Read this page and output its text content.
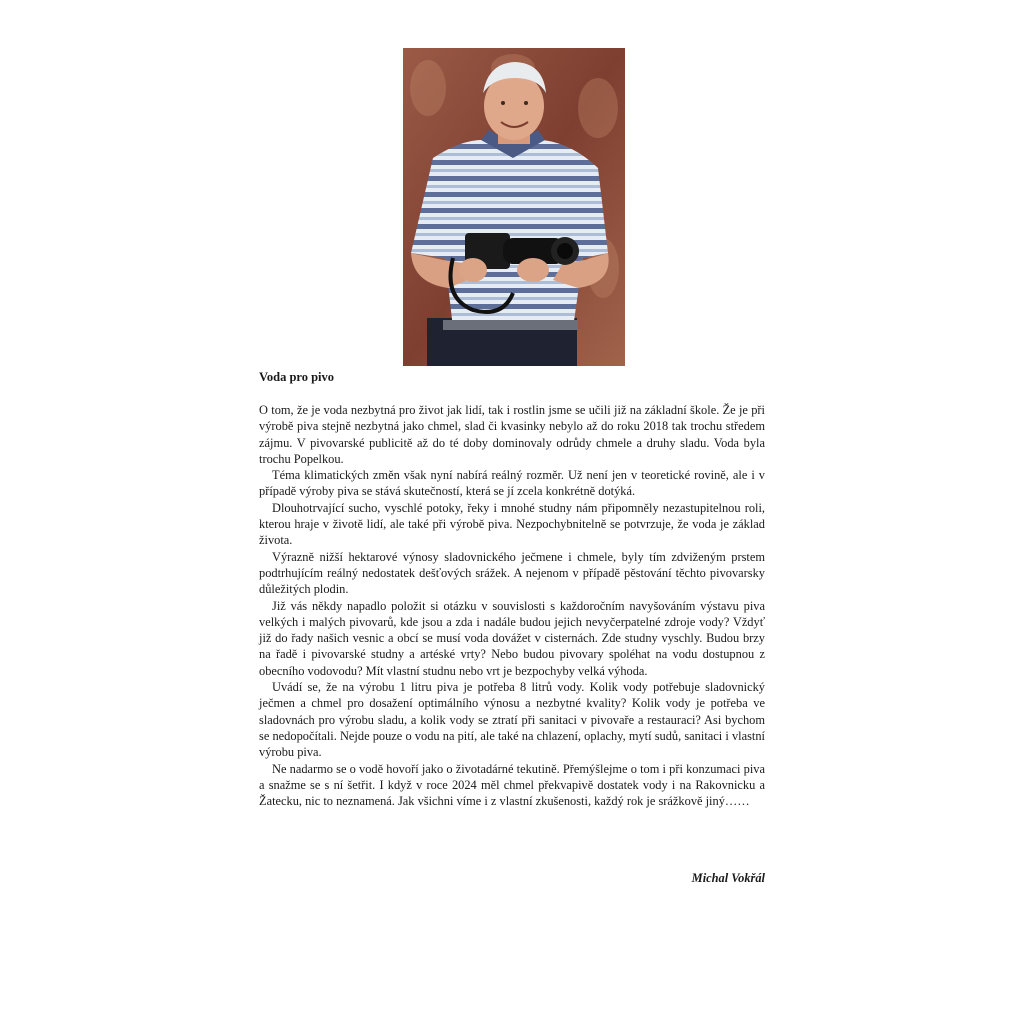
Voda pro pivo

O tom, že je voda nezbytná pro život jak lidí, tak i rostlin jsme se učili již na základní škole. Že je při výrobě piva stejně nezbytná jako chmel, slad či kvasinky nebylo až do roku 2018 tak trochu středem zájmu. V pivovarské publicitě až do té doby dominovaly odrůdy chmele a druhy sladu. Voda byla trochu Popelkou.

Téma klimatických změn však nyní nabírá reálný rozměr. Už není jen v teoretické rovině, ale i v případě výroby piva se stává skutečností, která se jí zcela konkrétně dotýká.

Dlouhotrvající sucho, vyschlé potoky, řeky i mnohé studny nám připomněly nezastupitelnou roli, kterou hraje v životě lidí, ale také při výrobě piva. Nezpochybnitelně se potvrzuje, že voda je základ života.

Výrazně nižší hektarové výnosy sladovnického ječmene i chmele, byly tím zdviženým prstem podtrhujícím reálný nedostatek dešťových srážek. A nejenom v případě pěstování těchto pivovarsky důležitých plodin.

Již vás někdy napadlo položit si otázku v souvislosti s každoročním navyšováním výstavu piva velkých i malých pivovarů, kde jsou a zda i nadále budou jejich nevyčerpatelné zdroje vody? Vždyť již do řady našich vesnic a obcí se musí voda dovážet v cisternách. Zde studny vyschly. Budou brzy na řadě i pivovarské studny a artéské vrty? Nebo budou pivovary spoléhat na vodu dostupnou z obecního vodovodu? Mít vlastní studnu nebo vrt je bezpochyby velká výhoda.

Uvádí se, že na výrobu 1 litru piva je potřeba 8 litrů vody. Kolik vody potřebuje sladovnický ječmen a chmel pro dosažení optimálního výnosu a nezbytné kvality? Kolik vody je potřeba ve sladovnách pro výrobu sladu, a kolik vody se ztratí při sanitaci v pivovaře a restauraci? Asi bychom se nedopočítali. Nejde pouze o vodu na pití, ale také na chlazení, oplachy, mytí sudů, sanitaci i vlastní výrobu piva.

Ne nadarmo se o vodě hovoří jako o životadárné tekutině. Přemýšlejme o tom i při konzumaci piva a snažme se s ní šetřit. I když v roce 2024 měl chmel překvapivě dostatek vody i na Rakovnicku a Žatecku, nic to neznamená. Jak všichni víme i z vlastní zkušenosti, každý rok je srážkově jiný……

Michal Vokřál
